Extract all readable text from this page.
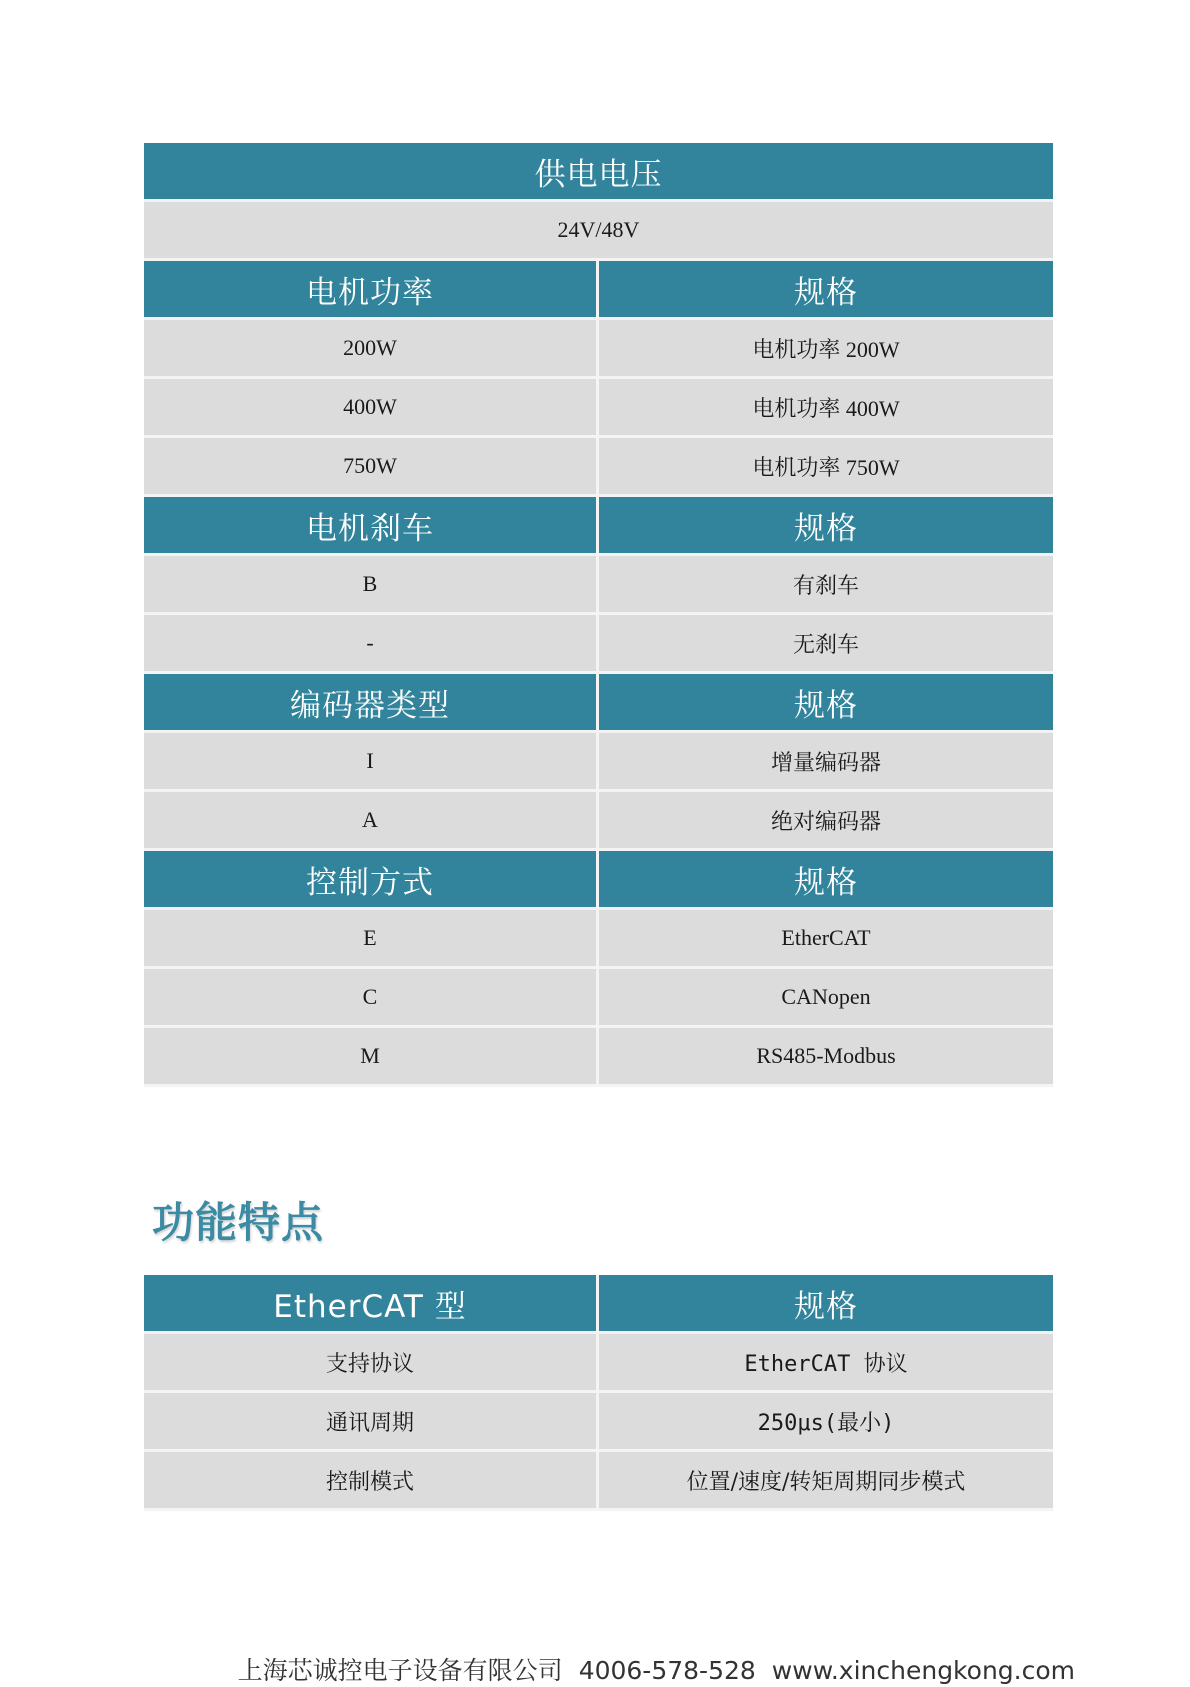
供电电压	
24V/48V	
电机功率	规格
200W	电机功率 200W
400W	电机功率 400W
750W	电机功率 750W
电机刹车	规格
B	有刹车
-	无刹车
编码器类型	规格
I	增量编码器
A	绝对编码器
控制方式	规格
E	EtherCAT
C	CANopen
M	RS485-Modbus
功能特点
EtherCAT 型	规格
支持协议	EtherCAT 协议
通讯周期	250μs(最小)
控制模式	位置/速度/转矩周期同步模式
上海芯诚控电子设备有限公司 4006-578-528 www.xinchengkong.com
